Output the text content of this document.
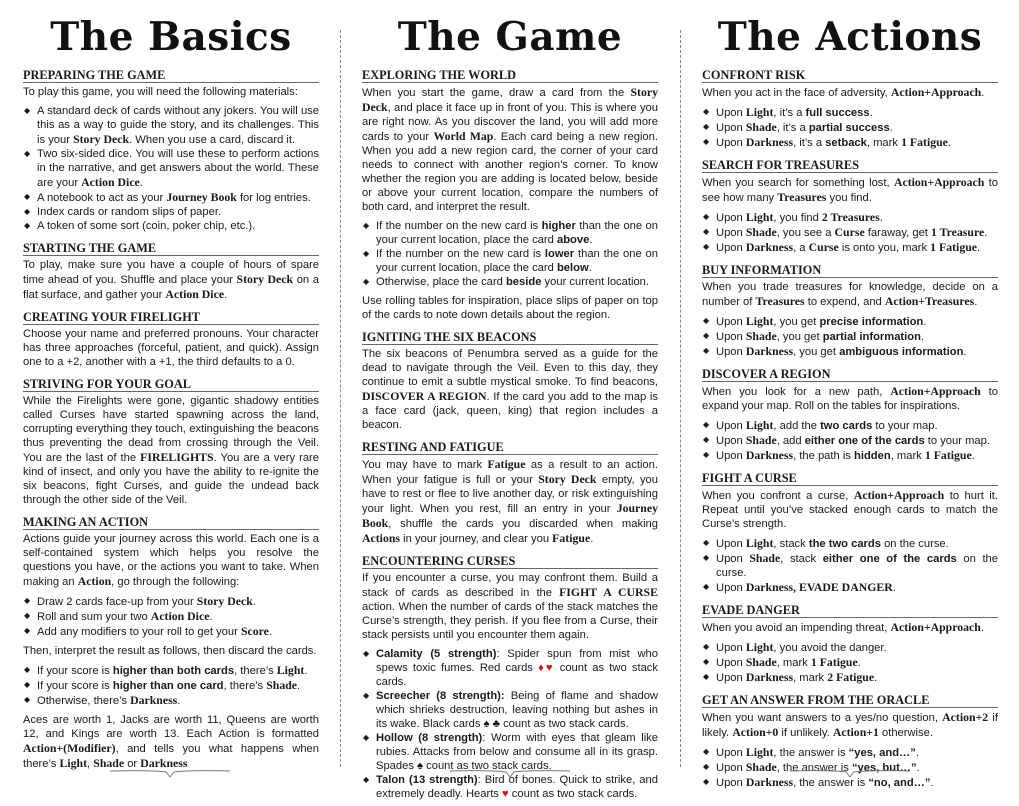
The Basics
PREPARING THE GAME
To play this game, you will need the following materials:
◆ A standard deck of cards without any jokers. You will use this as a way to guide the story, and its challenges. This is your Story Deck. When you use a card, discard it.
◆ Two six-sided dice. You will use these to perform actions in the narrative, and get answers about the world. These are your Action Dice.
◆ A notebook to act as your Journey Book for log entries.
◆ Index cards or random slips of paper.
◆ A token of some sort (coin, poker chip, etc.).
STARTING THE GAME
To play, make sure you have a couple of hours of spare time ahead of you. Shuffle and place your Story Deck on a flat surface, and gather your Action Dice.
CREATING YOUR FIRELIGHT
Choose your name and preferred pronouns. Your character has three approaches (forceful, patient, and quick). Assign one to a +2, another with a +1, the third defaults to a 0.
STRIVING FOR YOUR GOAL
While the Firelights were gone, gigantic shadowy entities called Curses have started spawning across the land, corrupting everything they touch, extinguishing the beacons thus preventing the dead from crossing through the Veil. You are the last of the FIRELIGHTS. You are a very rare kind of insect, and only you have the ability to re-ignite the six beacons, fight Curses, and guide the undead back through the other side of the Veil.
MAKING AN ACTION
Actions guide your journey across this world. Each one is a self-contained system which helps you resolve the questions you have, or the actions you want to take. When making an Action, go through the following:
◆ Draw 2 cards face-up from your Story Deck.
◆ Roll and sum your two Action Dice.
◆ Add any modifiers to your roll to get your Score.
Then, interpret the result as follows, then discard the cards.
◆ If your score is higher than both cards, there’s Light.
◆ If your score is higher than one card, there’s Shade.
◆ Otherwise, there’s Darkness.
Aces are worth 1, Jacks are worth 11, Queens are worth 12, and Kings are worth 13. Each Action is formatted Action+(Modifier), and tells you what happens when there’s Light, Shade or Darkness
The Game
EXPLORING THE WORLD
When you start the game, draw a card from the Story Deck, and place it face up in front of you. This is where you are right now. As you discover the land, you will add more cards to your World Map. Each card being a new region. When you add a new region card, the corner of your card needs to connect with another region’s corner. To know whether the region you are adding is located below, beside or above your current location, compare the numbers of both card, and interpret the result.
◆ If the number on the new card is higher than the one on your current location, place the card above.
◆ If the number on the new card is lower than the one on your current location, place the card below.
◆ Otherwise, place the card beside your current location.
Use rolling tables for inspiration, place slips of paper on top of the cards to note down details about the region.
IGNITING THE SIX BEACONS
The six beacons of Penumbra served as a guide for the dead to navigate through the Veil. Even to this day, they continue to emit a subtle mystical smoke. To find beacons, DISCOVER A REGION. If the card you add to the map is a face card (jack, queen, king) that region includes a beacon.
RESTING AND FATIGUE
You may have to mark Fatigue as a result to an action. When your fatigue is full or your Story Deck empty, you have to rest or flee to live another day, or risk extinguishing your light. When you rest, fill an entry in your Journey Book, shuffle the cards you discarded when making Actions in your journey, and clear you Fatigue.
ENCOUNTERING CURSES
If you encounter a curse, you may confront them. Build a stack of cards as described in the FIGHT A CURSE action. When the number of cards of the stack matches the Curse’s strength, they perish. If you flee from a Curse, their stack persists until you encounter them again.
◆ Calamity (5 strength): Spider spun from mist who spews toxic fumes. Red cards ♦♥ count as two stack cards.
◆ Screecher (8 strength): Being of flame and shadow which shrieks destruction, leaving nothing but ashes in its wake. Black cards ♠ ♣ count as two stack cards.
◆ Hollow (8 strength): Worm with eyes that gleam like rubies. Attacks from below and consume all in its grasp. Spades ♠ count as two stack cards.
◆ Talon (13 strength): Bird of bones. Quick to strike, and extremely deadly. Hearts ♥ count as two stack cards.
The Actions
CONFRONT RISK
When you act in the face of adversity, Action+Approach.
◆ Upon Light, it’s a full success.
◆ Upon Shade, it’s a partial success.
◆ Upon Darkness, it’s a setback, mark 1 Fatigue.
SEARCH FOR TREASURES
When you search for something lost, Action+Approach to see how many Treasures you find.
◆ Upon Light, you find 2 Treasures.
◆ Upon Shade, you see a Curse faraway, get 1 Treasure.
◆ Upon Darkness, a Curse is onto you, mark 1 Fatigue.
BUY INFORMATION
When you trade treasures for knowledge, decide on a number of Treasures to expend, and Action+Treasures.
◆ Upon Light, you get precise information.
◆ Upon Shade, you get partial information.
◆ Upon Darkness, you get ambiguous information.
DISCOVER A REGION
When you look for a new path, Action+Approach to expand your map. Roll on the tables for inspirations.
◆ Upon Light, add the two cards to your map.
◆ Upon Shade, add either one of the cards to your map.
◆ Upon Darkness, the path is hidden, mark 1 Fatigue.
FIGHT A CURSE
When you confront a curse, Action+Approach to hurt it. Repeat until you’ve stacked enough cards to match the Curse’s strength.
◆ Upon Light, stack the two cards on the curse.
◆ Upon Shade, stack either one of the cards on the curse.
◆ Upon Darkness, EVADE DANGER.
EVADE DANGER
When you avoid an impending threat, Action+Approach.
◆ Upon Light, you avoid the danger.
◆ Upon Shade, mark 1 Fatigue.
◆ Upon Darkness, mark 2 Fatigue.
GET AN ANSWER FROM THE ORACLE
When you want answers to a yes/no question, Action+2 if likely. Action+0 if unlikely. Action+1 otherwise.
◆ Upon Light, the answer is “yes, and…”.
◆ Upon Shade, the answer is “yes, but…”.
◆ Upon Darkness, the answer is “no, and…”.
